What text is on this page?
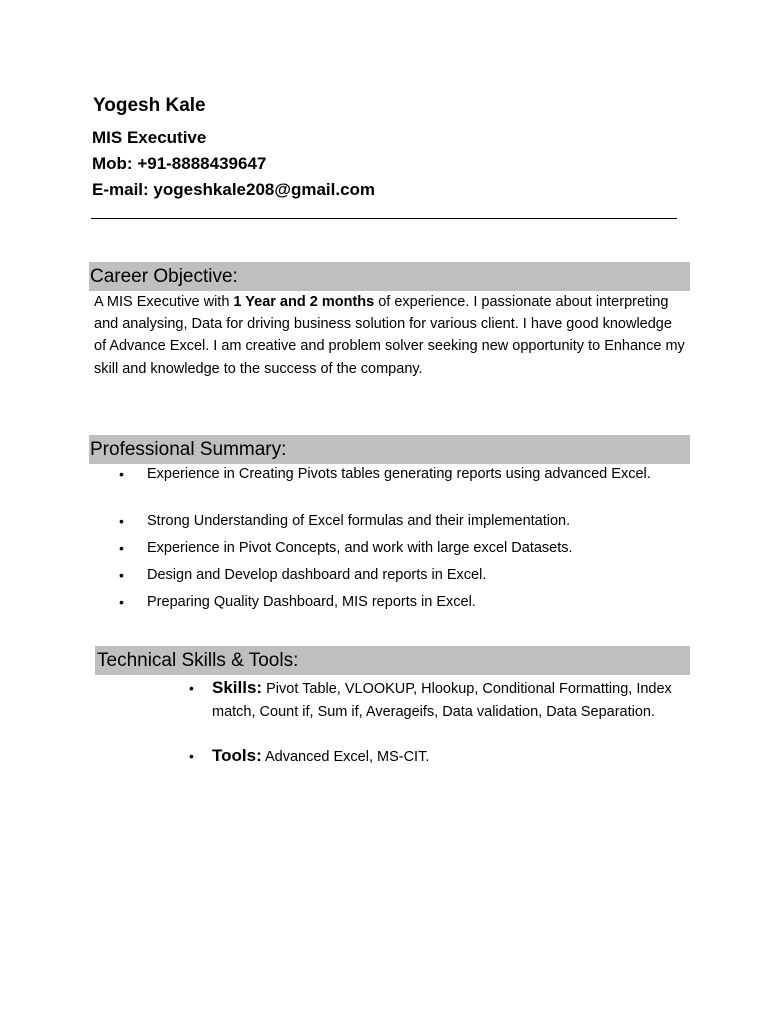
Yogesh Kale
MIS Executive
Mob: +91-8888439647
E-mail: yogeshkale208@gmail.com
Career Objective:
A MIS Executive with 1 Year and 2 months of experience. I passionate about interpreting and analysing, Data for driving business solution for various client. I have good knowledge of Advance Excel. I am creative and problem solver seeking new opportunity to Enhance my skill and knowledge to the success of the company.
Professional Summary:
• Experience in Creating Pivots tables generating reports using advanced Excel.
• Strong Understanding of Excel formulas and their implementation.
• Experience in Pivot Concepts, and work with large excel Datasets.
• Design and Develop dashboard and reports in Excel.
• Preparing Quality Dashboard, MIS reports in Excel.
Technical Skills & Tools:
• Skills: Pivot Table, VLOOKUP, Hlookup, Conditional Formatting, Index match, Count if, Sum if, Averageifs, Data validation, Data Separation.
• Tools: Advanced Excel, MS-CIT.
